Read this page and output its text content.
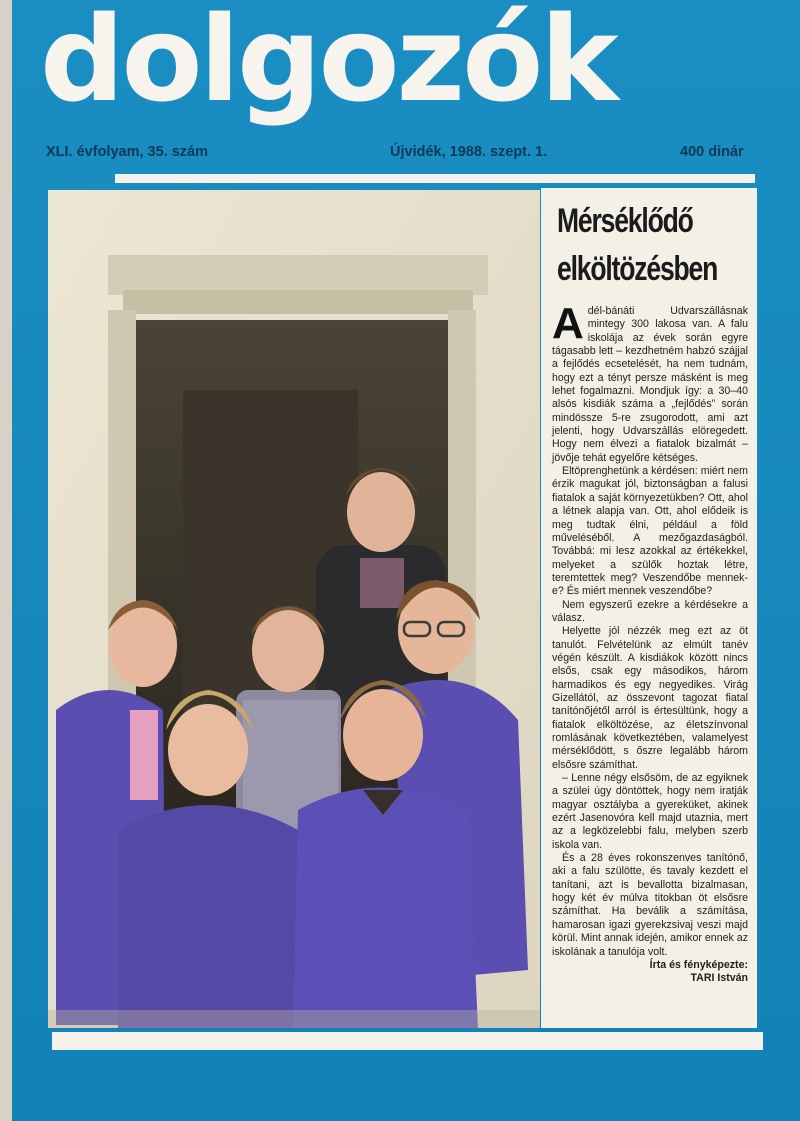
dolgozók
XLI. évfolyam, 35. szám	Újvidék, 1988. szept. 1.	400 dinár
Mérséklődő
elköltözésben

Adél-bánáti Udvarszállásnak mintegy 300 lakosa van. A falu iskolája az évek során egyre tágasabb lett – kezdhetném habzó szájjal a fejlődés ecsetelését, ha nem tudnám, hogy ezt a tényt persze másként is meg lehet fogalmazni. Mondjuk így: a 30–40 alsós kisdiák száma a „fejlődés” során mindössze 5-re zsugorodott, ami azt jelenti, hogy Udvarszállás elöregedett. Hogy nem élvezi a fiatalok bizalmát – jövője tehát egyelőre kétséges.

Eltöprenghetünk a kérdésen: miért nem érzik magukat jól, biztonságban a falusi fiatalok a saját környezetükben? Ott, ahol a létnek alapja van. Ott, ahol elődeik is meg tudtak élni, például a föld műveléséből. A mezőgazdaságból. Továbbá: mi lesz azokkal az értékekkel, melyeket a szülők hoztak létre, teremtettek meg? Veszendőbe mennek-e? És miért mennek veszendőbe?

Nem egyszerű ezekre a kérdésekre a válasz.

Helyette jól nézzék meg ezt az öt tanulót. Felvételünk az elmúlt tanév végén készült. A kisdiákok között nincs elsős, csak egy másodikos, három harmadikos és egy negyedikes. Virág Gizellától, az összevont tagozat fiatal tanítónőjétől arról is értesültünk, hogy a fiatalok elköltözése, az életszínvonal romlásának következtében, valamelyest mérséklődött, s őszre legalább három elsősre számíthat.

– Lenne négy elsősöm, de az egyiknek a szülei úgy döntöttek, hogy nem iratják magyar osztályba a gyereküket, akinek ezért Jasenovóra kell majd utaznia, mert az a legközelebbi falu, melyben szerb iskola van.

És a 28 éves rokonszenves tanítónő, aki a falu szülötte, és tavaly kezdett el tanítani, azt is bevallotta bizalmasan, hogy két év múlva titokban öt elsősre számíthat. Ha beválik a számítása, hamarosan igazi gyerekzsivaj veszi majd körül. Mint annak idején, amikor ennek az iskolának a tanulója volt.

Írta és fényképezte:
TARI István
